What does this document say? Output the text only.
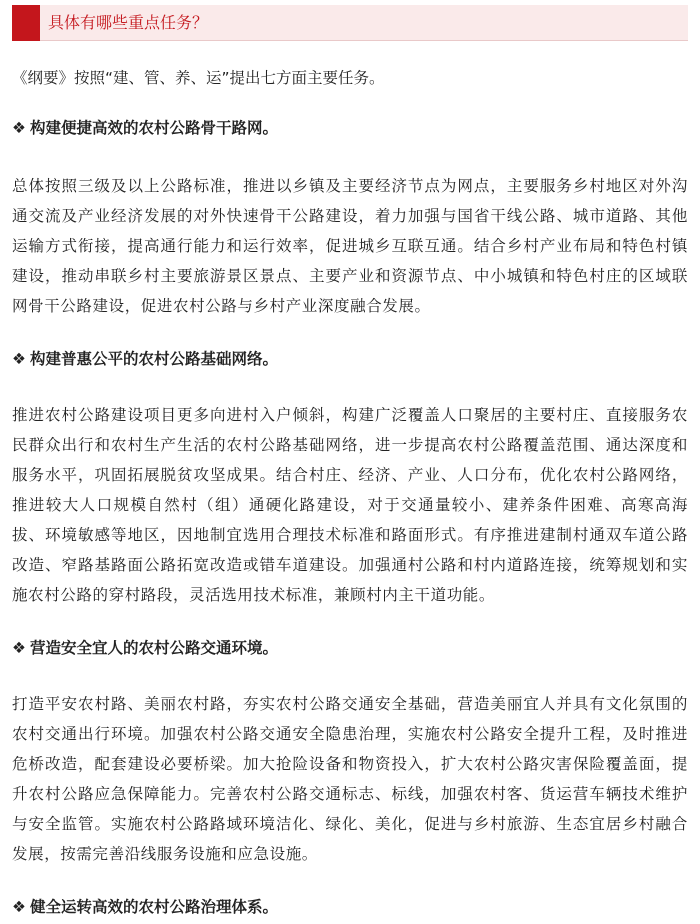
具体有哪些重点任务？

《纲要》按照“建、管、养、运”提出七方面主要任务。

❖ 构建便捷高效的农村公路骨干路网。

总体按照三级及以上公路标准，推进以乡镇及主要经济节点为网点，主要服务乡村地区对外沟通交流及产业经济发展的对外快速骨干公路建设，着力加强与国省干线公路、城市道路、其他运输方式衔接，提高通行能力和运行效率，促进城乡互联互通。结合乡村产业布局和特色村镇建设，推动串联乡村主要旅游景区景点、主要产业和资源节点、中小城镇和特色村庄的区域联网骨干公路建设，促进农村公路与乡村产业深度融合发展。

❖ 构建普惠公平的农村公路基础网络。

推进农村公路建设项目更多向进村入户倾斜，构建广泛覆盖人口聚居的主要村庄、直接服务农民群众出行和农村生产生活的农村公路基础网络，进一步提高农村公路覆盖范围、通达深度和服务水平，巩固拓展脱贫攻坚成果。结合村庄、经济、产业、人口分布，优化农村公路网络，推进较大人口规模自然村（组）通硬化路建设，对于交通量较小、建养条件困难、高寒高海拔、环境敏感等地区，因地制宜选用合理技术标准和路面形式。有序推进建制村通双车道公路改造、窄路基路面公路拓宽改造或错车道建设。加强通村公路和村内道路连接，统筹规划和实施农村公路的穿村路段，灵活选用技术标准，兼顾村内主干道功能。

❖ 营造安全宜人的农村公路交通环境。

打造平安农村路、美丽农村路，夯实农村公路交通安全基础，营造美丽宜人并具有文化氛围的农村交通出行环境。加强农村公路交通安全隐患治理，实施农村公路安全提升工程，及时推进危桥改造，配套建设必要桥梁。加大抢险设备和物资投入，扩大农村公路灾害保险覆盖面，提升农村公路应急保障能力。完善农村公路交通标志、标线，加强农村客、货运营车辆技术维护与安全监管。实施农村公路路域环境洁化、绿化、美化，促进与乡村旅游、生态宜居乡村融合发展，按需完善沿线服务设施和应急设施。

❖ 健全运转高效的农村公路治理体系。
